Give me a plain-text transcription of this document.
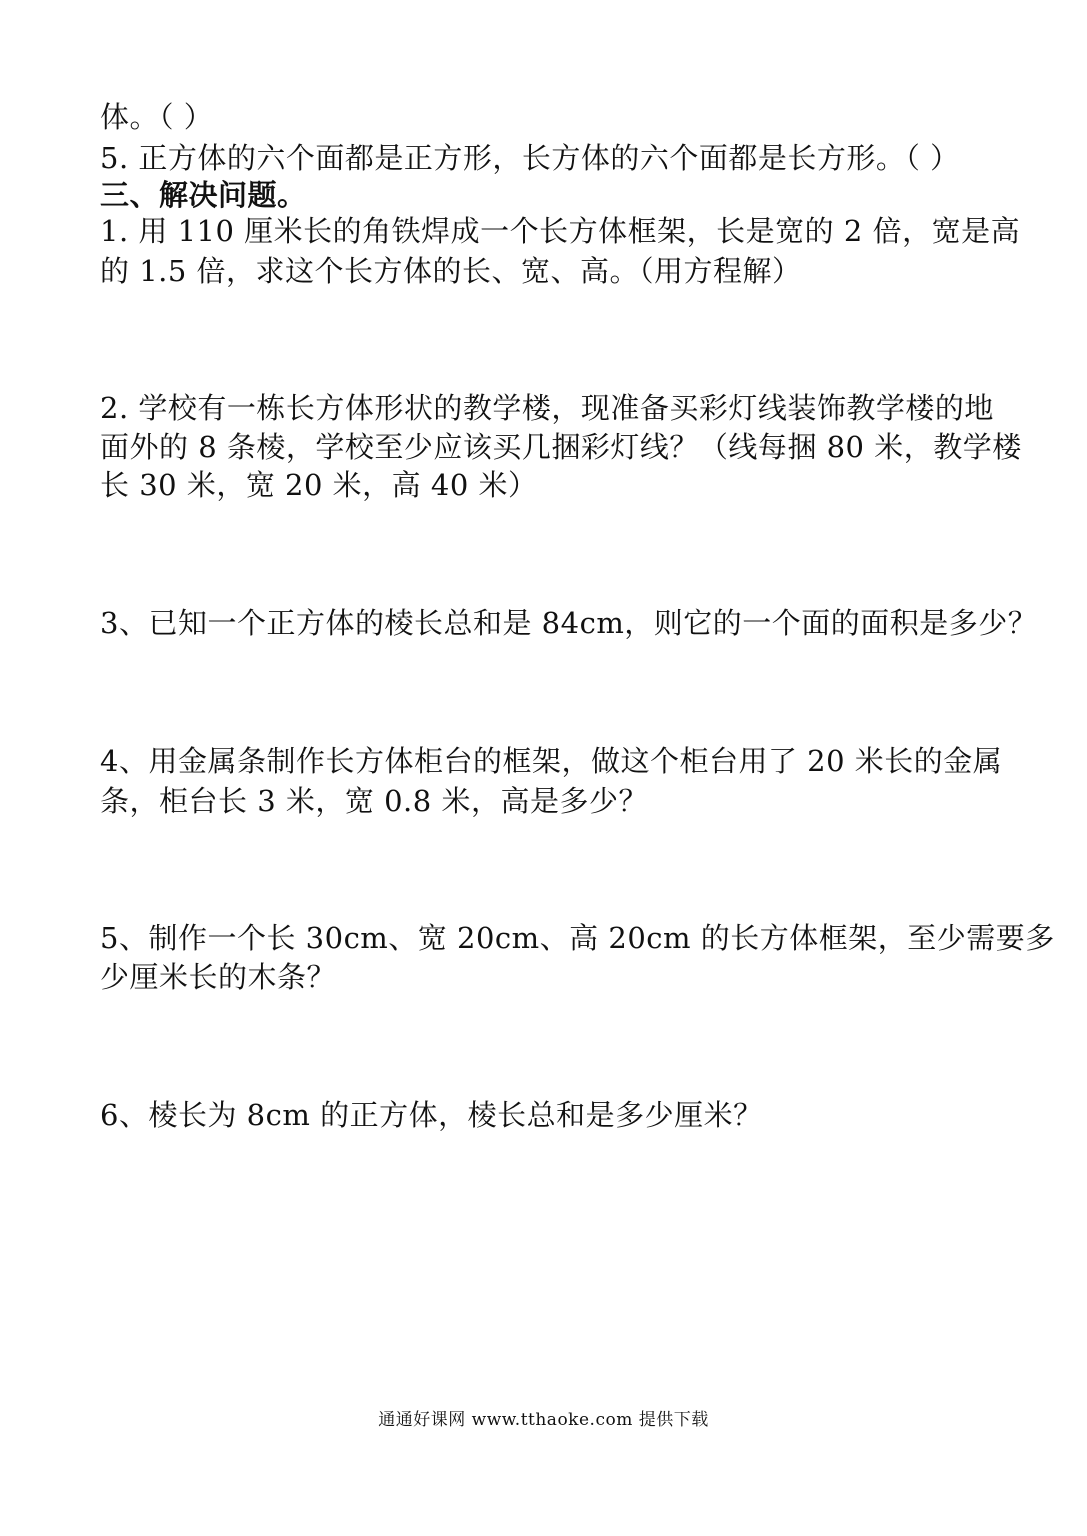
体。（ ）
5. 正方体的六个面都是正方形，长方体的六个面都是长方形。（ ）
三、解决问题。
1. 用 110 厘米长的角铁焊成一个长方体框架，长是宽的 2 倍，宽是高
的 1.5 倍，求这个长方体的长、宽、高。（用方程解）
2. 学校有一栋长方体形状的教学楼，现准备买彩灯线装饰教学楼的地
面外的 8 条棱，学校至少应该买几捆彩灯线？（线每捆 80 米，教学楼
长 30 米，宽 20 米，高 40 米）
3、已知一个正方体的棱长总和是 84cm，则它的一个面的面积是多少？
4、用金属条制作长方体柜台的框架，做这个柜台用了 20 米长的金属
条，柜台长 3 米，宽 0.8 米，高是多少？
5、制作一个长 30cm、宽 20cm、高 20cm 的长方体框架，至少需要多
少厘米长的木条？
6、棱长为 8cm 的正方体，棱长总和是多少厘米？
通通好课网 www.tthaoke.com 提供下载
